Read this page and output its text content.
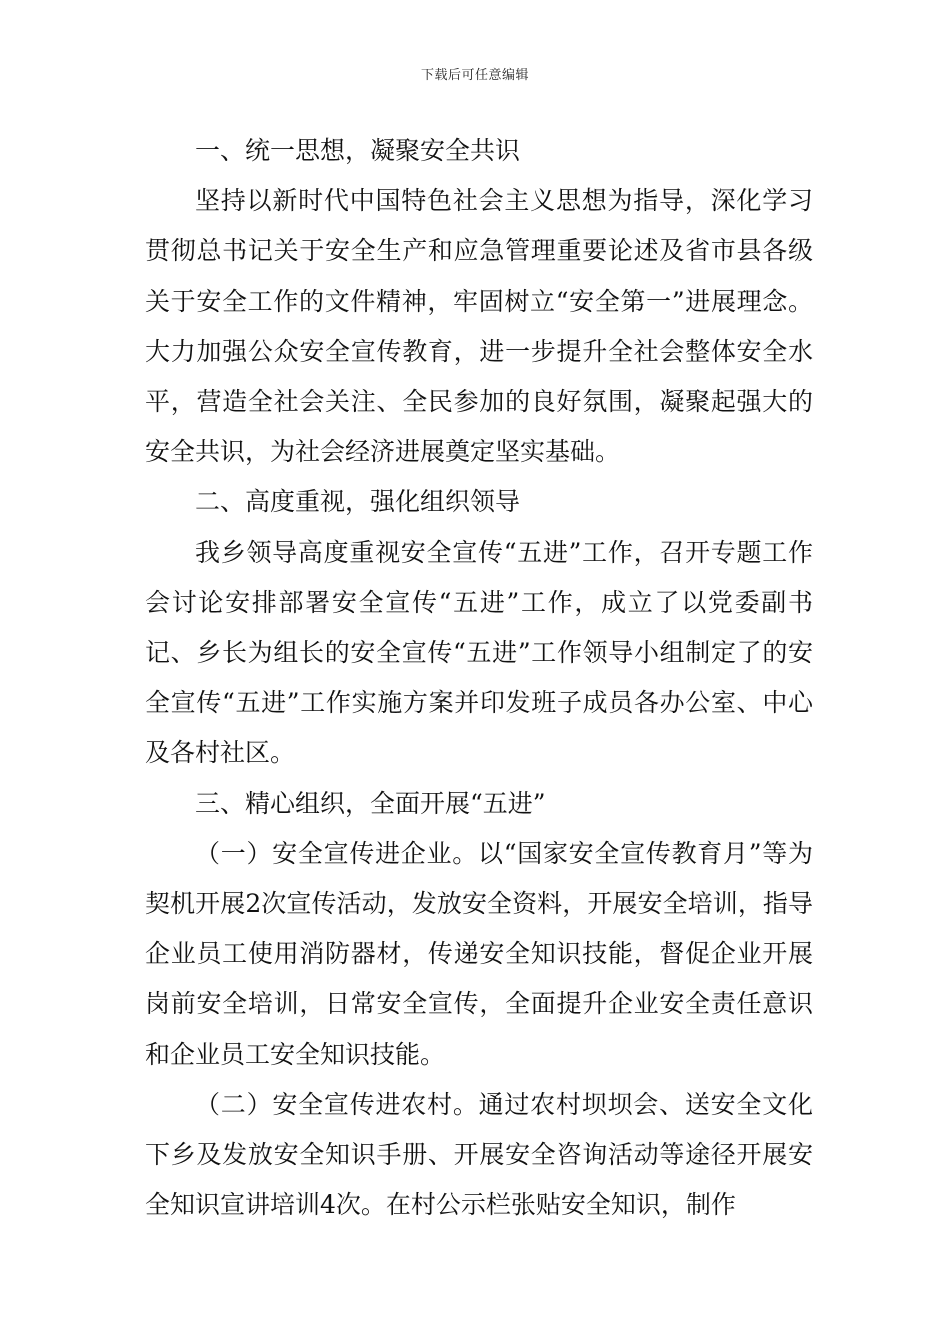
下载后可任意编辑

一、统一思想，凝聚安全共识

坚持以新时代中国特色社会主义思想为指导，深化学习贯彻总书记关于安全生产和应急管理重要论述及省市县各级关于安全工作的文件精神，牢固树立“安全第一”进展理念。大力加强公众安全宣传教育，进一步提升全社会整体安全水平，营造全社会关注、全民参加的良好氛围，凝聚起强大的安全共识，为社会经济进展奠定坚实基础。

二、高度重视，强化组织领导

我乡领导高度重视安全宣传“五进”工作，召开专题工作会讨论安排部署安全宣传“五进”工作，成立了以党委副书记、乡长为组长的安全宣传“五进”工作领导小组制定了的安全宣传“五进”工作实施方案并印发班子成员各办公室、中心及各村社区。

三、精心组织，全面开展“五进”

（一）安全宣传进企业。以“国家安全宣传教育月”等为契机开展2次宣传活动，发放安全资料，开展安全培训，指导企业员工使用消防器材，传递安全知识技能，督促企业开展岗前安全培训，日常安全宣传，全面提升企业安全责任意识和企业员工安全知识技能。

（二）安全宣传进农村。通过农村坝坝会、送安全文化下乡及发放安全知识手册、开展安全咨询活动等途径开展安全知识宣讲培训4次。在村公示栏张贴安全知识，制作
